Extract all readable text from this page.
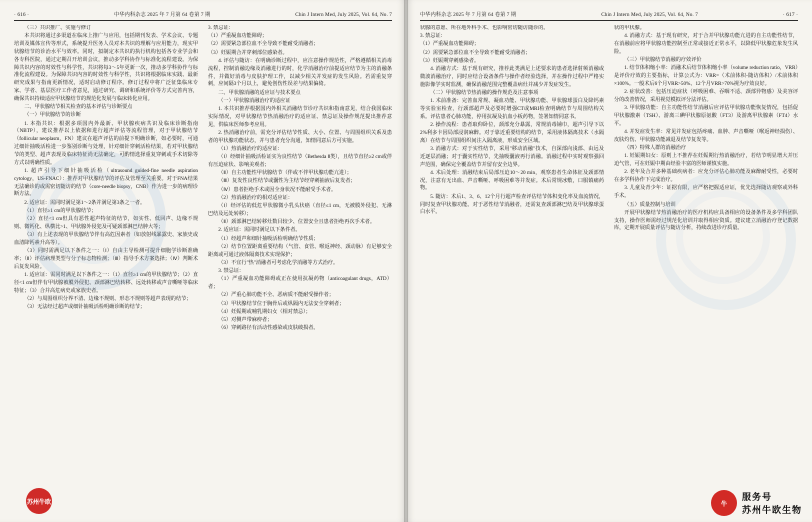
· 616 ·	中华内科杂志 2025 年 7 月第 64 卷第 7 期	Chin J Intern Med, July 2025, Vol. 64, No. 7

（三）共识推广、实施与修订

本共识将通过多渠道在临床上推广与应用，包括期刊发表、学术会议、专题培训及媒体宣传等形式，系统提升医务人员对本共识的理解与应用能力，现实甲状腺结节的诊治水平与效率。同时，拟制定本共识的执行机构包括各专业学会和各专科医院，通过定期召开培训会议，推动多学科协作与标准化流程建设。为保障共识内容的时效性与科学性，共识将每3～5年更新一次，推动多学科协作与标准化流程建设。为保障共识内容的时效性与科学性，共识将根据临床实践、最新研究成果与指南更新情况，适时启动修订程序。修订过程中将广泛征集临床专家、学者、基层医疗工作者意见，通过研究、调研和系统评价等方式完善内容，确保共识持续适应甲状腺结节的规范化发展与临床转化应用。

二、甲状腺结节相关检查的基本评估与诊断要点

（一）甲状腺结节的诊断

1. 本指共识：根据多项国内外最新、甲状腺疾病共识及临床诊断指南（NBTP），建议推荐以上依据和进行超声评估等流程管理，对于甲状腺结节（follicular neoplasm，FN）建议在超声评估的前提下明确诊断，如必要时，可通过细针抽吸活检进一步鉴别诊断与处理，针对细针穿刺活检结果，若对甲状腺结节的类型、超声表现及临床特征尚无法确定，可酌情选择重复穿刺或手术切除等方式以明确性质。

1. 超声引导下细针抽吸活检（ultrasound guided-fine needle aspiration cytology，US-FNAC）：推荐对甲状腺结节的评估及管理至关重要。对于FNA结果无法确诊的或需密切随访的结节（core-needle biopsy，CNB）作为进一步的病理诊断方法。

2. 适应证：需同时满足第1～2条并满足第3条之一者。

（1）直径≥1 cm的甲状腺结节；

（2）直径<1 cm但具有恶性超声特征的结节，如实性、低回声、边缘不规则、微钙化、纵横比>1、甲状腺外侵犯及可疑颈部淋巴结肿大等；

（3）有上述表现的甲状腺结节伴有高危因素者（如放射线暴露史、家族史或血清降钙素升高等）。

（3）同时需满足以下条件之一：（Ⅰ）自由主导检测可提升细胞学诊断准确率；（Ⅱ）评估病理类型与分子标志物检测；（Ⅲ）指导手术方案选择；（Ⅳ）判断术后复发风险。

1. 适应证：需同时满足以下条件之一：（1）直径≥1 cm的甲状腺结节；（2）直径<1 cm但伴有甲状腺被膜外侵犯、颈部淋巴结转移、远处转移或声音嘶哑等临床特征；（3）合并高危病史或家族史者。

（2）与周围组织分界不清、边缘不规则、形态不规则等超声表现的结节；

（3）无法经过超声或细针抽吸活检明确诊断的结节；

3. 禁忌证：

（1）严重凝血功能障碍；

（2）需要紧急部位血不全导致不能耐受消融者；

（3）妊娠期合并穿刺部位感染者。

4. 评估与随访：在明确诊断过程中，应注意操作规范性，严格遵循相关消毒流程，控制消融边缘及消融进行的时，化学消融治疗前提适应结节为主的消融条件，并做好消毒与皮肤护理工作，以减少相关并发症的发生风险。若需重复穿刺，应间隔3个月以上，避免创伤性误差与结果偏倚。

二、甲状腺消融的适应证与技术要点

（一）甲状腺消融治疗的适应证

1. 本共识推荐根据国内外相关消融结节诊疗共识和指南意见，结合我国临床实际情况，对甲状腺结节热消融治疗的适应证、禁忌证及操作规范提出推荐意见，供临床医师参考应用。

2. 热消融治疗前，需充分评估结节性质、大小、位置、与周围组织关系及患者的甲状腺功能状态，并与患者充分沟通，知情同意后方可实施。

（1）热消融治疗的适应证：

（Ⅰ）经细针抽吸活检证实为良性结节（Bethesda Ⅱ类），且结节直径≥2 cm或伴有压迫症状、影响美观者；

（Ⅱ）自主功能性甲状腺结节（伴或不伴甲状腺功能亢进）；

（Ⅲ）复发性良性结节或囊性为主结节经穿刺抽液后复发者；

（Ⅳ）患者拒绝手术或因全身状况不能耐受手术者。

（2）热消融治疗的相对适应证：

（Ⅰ）经评估的低危甲状腺微小乳头状癌（直径≤1 cm，无被膜外侵犯、无淋巴结及远处转移）；

（Ⅱ）颈部淋巴结转移灶数目较少、位置安全且患者拒绝再次手术者。

2. 适应证：需同时满足以下条件者。

（1）经超声和细针抽吸活检明确结节性质；

（2）结节位置距离重要结构（气管、食管、喉返神经、颈动脉）有足够安全距离或可通过液体隔离技术实现保护；

（3）不宜行"热"消融者可考虑化学消融等方式治疗。

3. 禁忌证：

（1）严重凝血功能障碍或正在使用抗凝药物（anticoagulant drugs，ATD）者；

（2）严重心肺功能不全、恶病质不能耐受操作者；

（3）甲状腺结节位于胸骨后或纵隔内无法安全穿刺者；

（4）妊娠期或哺乳期妇女（相对禁忌）；

（5）对侧声带麻痹者；

（6）穿刺路径有活动性感染或皮肤破损者。

苏州牛欧
中华内科杂志 2025 年 7 月第 64 卷第 7 期	Chin J Intern Med, July 2025, Vol. 64, No. 7	· 617 ·

状腺的意愿、所在地外科手术、也影响密切随访随诊的。

3. 禁忌证：

（1）严重凝血功能障碍；

（2）需要紧急部位血不全导致不能耐受消融者；

（3）妊娠期穿刺感染者。

4. 消融方式：基于现有研究，推荐此类满足上述要求的患者选择射频消融或微波消融治疗，同时应结合设备条件与操作者经验选择，并在操作过程中严格实施影像学实时监测，确保消融范围完整覆盖病灶并减少并发症发生。

（二）甲状腺结节热消融的操作规范及注意事项

1. 术前准备：完善血常规、凝血功能、甲状腺功能、甲状腺球蛋白及降钙素等实验室检查，行颈部超声及必要时增强CT或MRI检查明确结节与周围结构关系。评估患者心肺功能，停用抗凝及抗血小板药物，签署知情同意书。

2. 操作流程：患者取仰卧位，颈部充分暴露，常规消毒铺巾，超声引导下以2%利多卡因局部浸润麻醉。对于靠近重要结构的结节，采用液体隔离技术（水隔离）在结节与周围组织间注入隔离液，形成安全区域。

3. 消融方式：对于实性结节，采用"移动消融"技术，自深部向浅部、由远及近逐层消融；对于囊实性结节，先抽吸囊液再行消融。消融过程中实时观察强回声范围，确保完全覆盖结节并留有安全边界。

4. 术后处理：消融结束后局部压迫10～20 min，观察患者生命体征及颈部情况，注意有无出血、声音嘶哑、呼吸困难等并发症。术后常规冰敷，口服镇痛药物。

5. 随访：术后1、3、6、12个月行超声检查评估结节体积变化率及血流情况，同时复查甲状腺功能。对于恶性结节消融者，还需复查颈部淋巴结及甲状腺球蛋白水平。

状的甲状腺。

4. 消融方式：基于现有研究，对于合并甲状腺功能亢进的自主功能性结节，在消融前应将甲状腺功能控制至正常或接近正常水平，以降低甲状腺危象发生风险。

（三）甲状腺结节消融的疗效评价

1. 结节体积缩小率：消融术后结节体积缩小率（volume reduction ratio，VRR）是评价疗效的主要指标，计算公式为：VRR=（术前体积-随访体积）/术前体积×100%。一般术后6个月VRR>50%、12个月VRR>70%视为疗效良好。

2. 症状改善：包括压迫症状（呼吸困难、吞咽不适、颈部异物感）及美容评分的改善情况，采用视觉模拟评分法评估。

3. 甲状腺功能：自主功能性结节消融后应评估甲状腺功能恢复情况，包括促甲状腺激素（TSH）、游离三碘甲状腺原氨酸（FT3）及游离甲状腺素（FT4）水平。

4. 并发症发生率：常见并发症包括疼痛、血肿、声音嘶哑（喉返神经损伤）、皮肤灼伤、甲状腺功能减退及结节复发等。

（四）特殊人群的消融治疗

1. 妊娠期妇女：原则上不推荐在妊娠期行热消融治疗，若结节明显增大并压迫气管，可在妊娠中期由经验丰富的医师谨慎实施。

2. 老年及合并多种基础疾病者：应充分评估心肺功能及麻醉耐受性，必要时在多学科协作下完成治疗。

3. 儿童及青少年：证据有限，应严格把握适应证，优先选择随访观察或外科手术。

（五）质量控制与培训

开展甲状腺结节热消融治疗的医疗机构应具备相应的设备条件及多学科团队支持，操作医师需经过规范化培训并取得相应资质。建议建立消融治疗登记数据库，定期开展质量评估与随访分析，持续改进诊疗质量。

牛
服务号
苏州牛欧生物
